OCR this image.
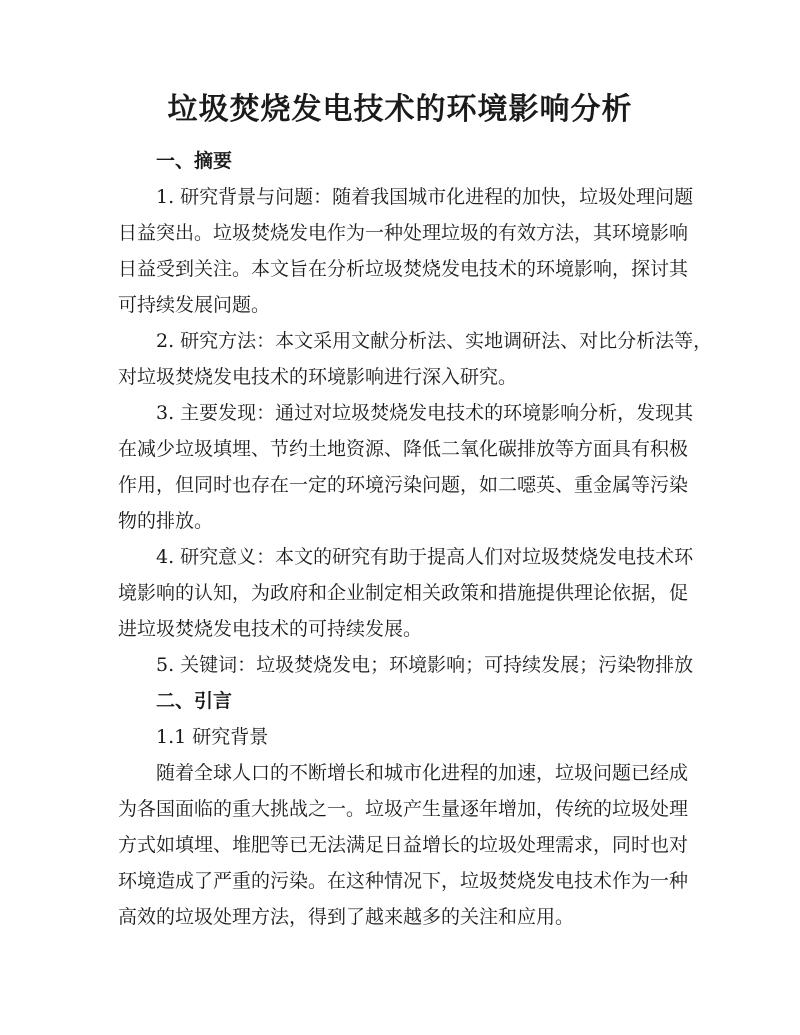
垃圾焚烧发电技术的环境影响分析
一、摘要
1. 研究背景与问题：随着我国城市化进程的加快，垃圾处理问题
日益突出。垃圾焚烧发电作为一种处理垃圾的有效方法，其环境影响
日益受到关注。本文旨在分析垃圾焚烧发电技术的环境影响，探讨其
可持续发展问题。
2. 研究方法：本文采用文献分析法、实地调研法、对比分析法等，
对垃圾焚烧发电技术的环境影响进行深入研究。
3. 主要发现：通过对垃圾焚烧发电技术的环境影响分析，发现其
在减少垃圾填埋、节约土地资源、降低二氧化碳排放等方面具有积极
作用，但同时也存在一定的环境污染问题，如二噁英、重金属等污染
物的排放。
4. 研究意义：本文的研究有助于提高人们对垃圾焚烧发电技术环
境影响的认知，为政府和企业制定相关政策和措施提供理论依据，促
进垃圾焚烧发电技术的可持续发展。
5. 关键词：垃圾焚烧发电；环境影响；可持续发展；污染物排放
二、引言
1.1 研究背景
随着全球人口的不断增长和城市化进程的加速，垃圾问题已经成
为各国面临的重大挑战之一。垃圾产生量逐年增加，传统的垃圾处理
方式如填埋、堆肥等已无法满足日益增长的垃圾处理需求，同时也对
环境造成了严重的污染。在这种情况下，垃圾焚烧发电技术作为一种
高效的垃圾处理方法，得到了越来越多的关注和应用。
